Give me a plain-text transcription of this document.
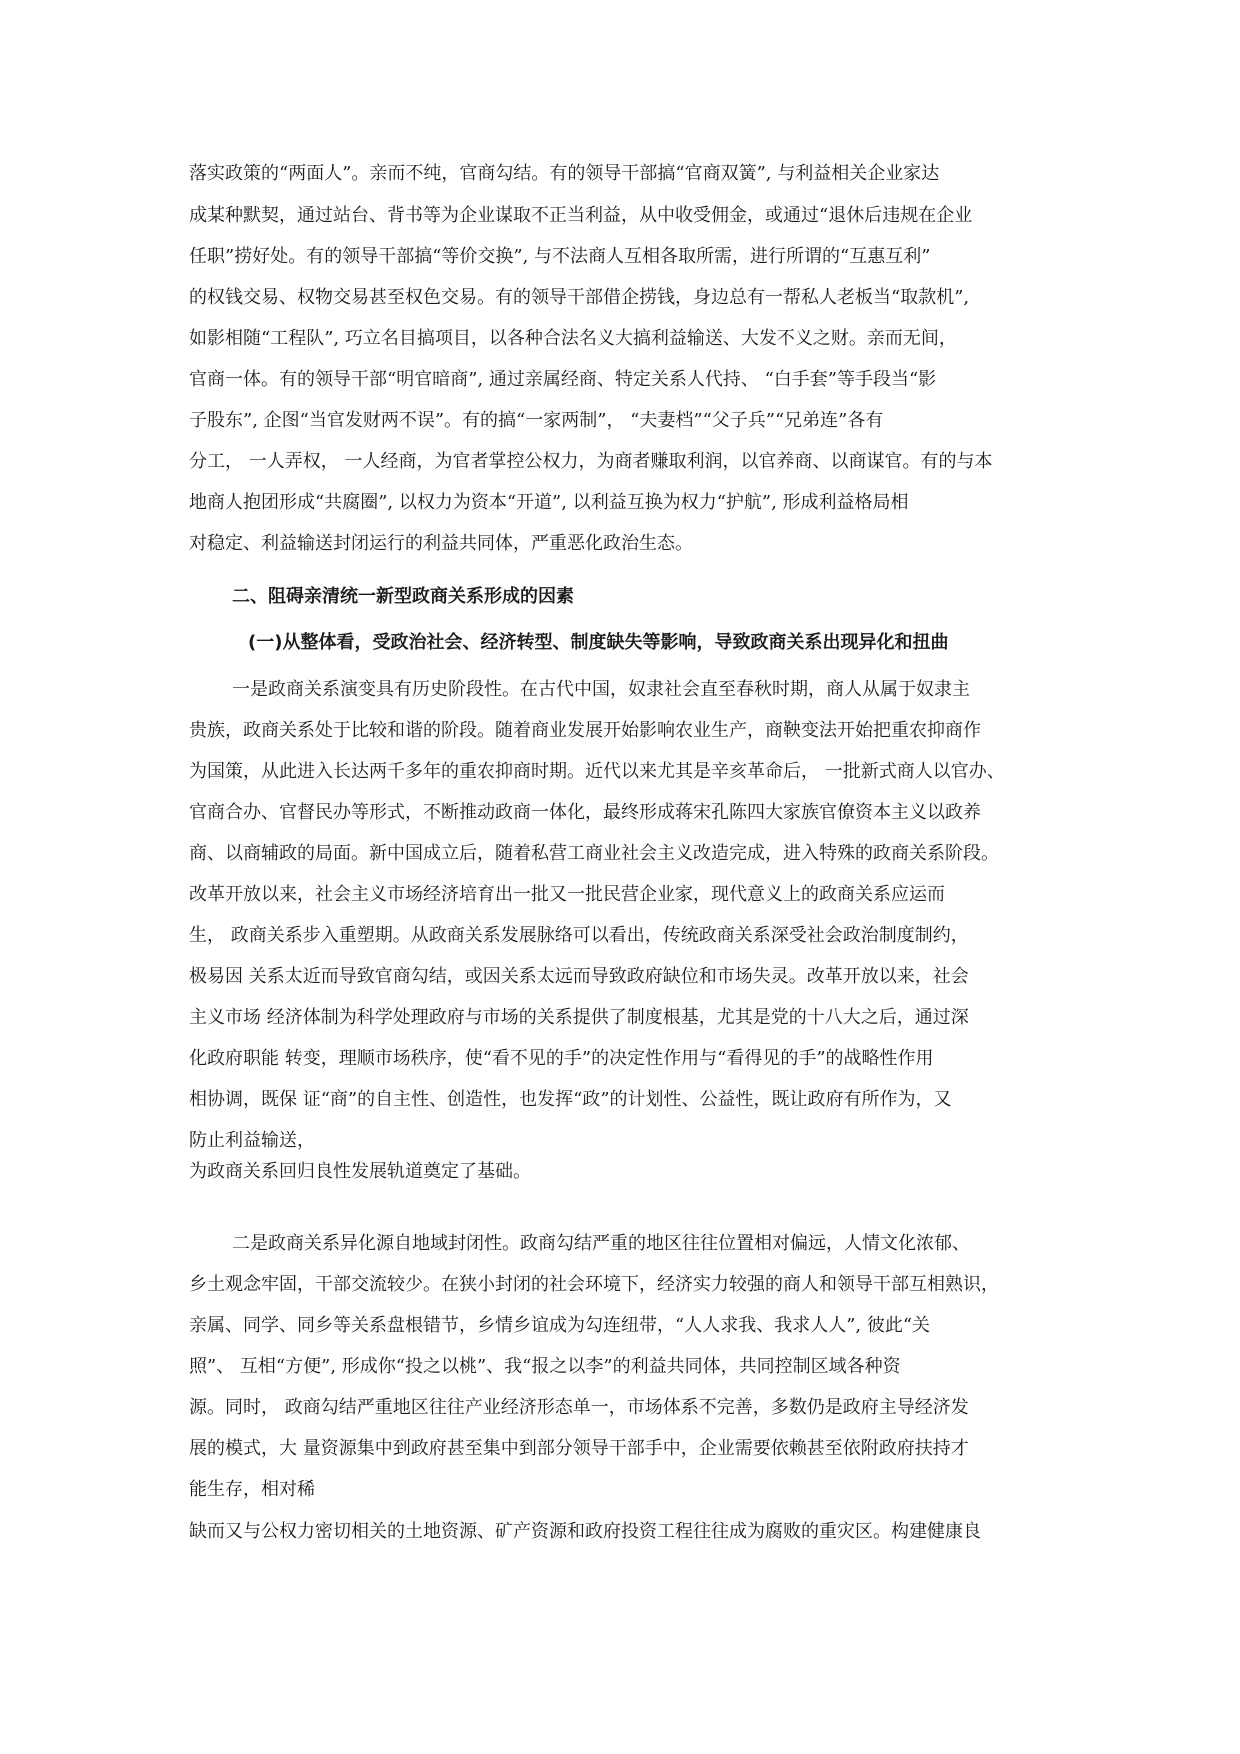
落实政策的“两面人”。亲而不纯，官商勾结。有的领导干部搞“官商双簧”, 与利益相关企业家达

成某种默契，通过站台、背书等为企业谋取不正当利益，从中收受佣金，或通过“退休后违规在企业

任职”捞好处。有的领导干部搞“等价交换”, 与不法商人互相各取所需，进行所谓的“互惠互利”

的权钱交易、权物交易甚至权色交易。有的领导干部借企捞钱，身边总有一帮私人老板当“取款机”,

如影相随“工程队”, 巧立名目搞项目，以各种合法名义大搞利益输送、大发不义之财。亲而无间，

官商一体。有的领导干部“明官暗商”, 通过亲属经商、特定关系人代持、 “白手套”等手段当“影

子股东”, 企图“当官发财两不误”。有的搞“一家两制”， “夫妻档”“父子兵”“兄弟连”各有

分工， 一人弄权， 一人经商，为官者掌控公权力，为商者赚取利润，以官养商、以商谋官。有的与本

地商人抱团形成“共腐圈”, 以权力为资本“开道”, 以利益互换为权力“护航”, 形成利益格局相

对稳定、利益输送封闭运行的利益共同体，严重恶化政治生态。

二、阻碍亲清统一新型政商关系形成的因素
(一)从整体看，受政治社会、经济转型、制度缺失等影响，导致政商关系出现异化和扭曲

一是政商关系演变具有历史阶段性。在古代中国，奴隶社会直至春秋时期，商人从属于奴隶主

贵族，政商关系处于比较和谐的阶段。随着商业发展开始影响农业生产，商鞅变法开始把重农抑商作

为国策，从此进入长达两千多年的重农抑商时期。近代以来尤其是辛亥革命后， 一批新式商人以官办、

官商合办、官督民办等形式，不断推动政商一体化，最终形成蒋宋孔陈四大家族官僚资本主义以政养

商、以商辅政的局面。新中国成立后，随着私营工商业社会主义改造完成，进入特殊的政商关系阶段。

改革开放以来，社会主义市场经济培育出一批又一批民营企业家，现代意义上的政商关系应运而

生， 政商关系步入重塑期。从政商关系发展脉络可以看出，传统政商关系深受社会政治制度制约，

极易因 关系太近而导致官商勾结，或因关系太远而导致政府缺位和市场失灵。改革开放以来，社会

主义市场 经济体制为科学处理政府与市场的关系提供了制度根基，尤其是党的十八大之后，通过深

化政府职能 转变，理顺市场秩序，使“看不见的手”的决定性作用与“看得见的手”的战略性作用

相协调，既保 证“商”的自主性、创造性，也发挥“政”的计划性、公益性，既让政府有所作为，又

防止利益输送，

为政商关系回归良性发展轨道奠定了基础。

二是政商关系异化源自地域封闭性。政商勾结严重的地区往往位置相对偏远，人情文化浓郁、

乡土观念牢固，干部交流较少。在狭小封闭的社会环境下，经济实力较强的商人和领导干部互相熟识，

亲属、同学、同乡等关系盘根错节，乡情乡谊成为勾连纽带，“人人求我、我求人人”, 彼此“关

照”、 互相“方便”, 形成你“投之以桃”、我“报之以李”的利益共同体，共同控制区域各种资

源。同时， 政商勾结严重地区往往产业经济形态单一，市场体系不完善，多数仍是政府主导经济发

展的模式，大 量资源集中到政府甚至集中到部分领导干部手中，企业需要依赖甚至依附政府扶持才

能生存，相对稀

缺而又与公权力密切相关的土地资源、矿产资源和政府投资工程往往成为腐败的重灾区。构建健康良
